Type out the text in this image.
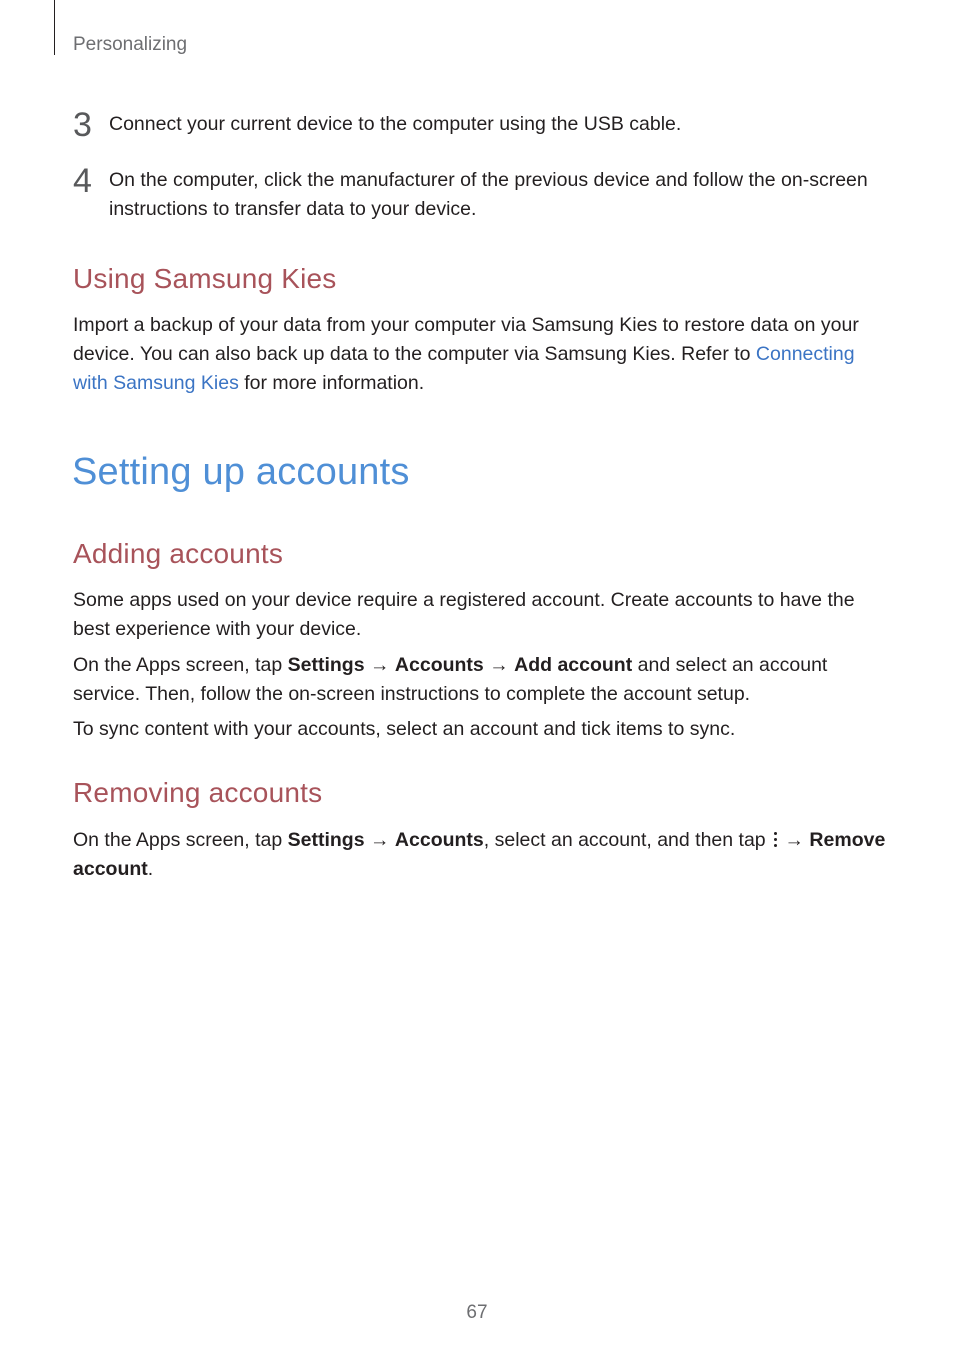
Personalizing
3 Connect your current device to the computer using the USB cable.
4 On the computer, click the manufacturer of the previous device and follow the on-screen instructions to transfer data to your device.
Using Samsung Kies

Import a backup of your data from your computer via Samsung Kies to restore data on your device. You can also back up data to the computer via Samsung Kies. Refer to Connecting with Samsung Kies for more information.

Setting up accounts
Adding accounts

Some apps used on your device require a registered account. Create accounts to have the best experience with your device.

On the Apps screen, tap Settings → Accounts → Add account and select an account service. Then, follow the on-screen instructions to complete the account setup.

To sync content with your accounts, select an account and tick items to sync.

Removing accounts

On the Apps screen, tap Settings → Accounts, select an account, and then tap
→ Remove account.

67
